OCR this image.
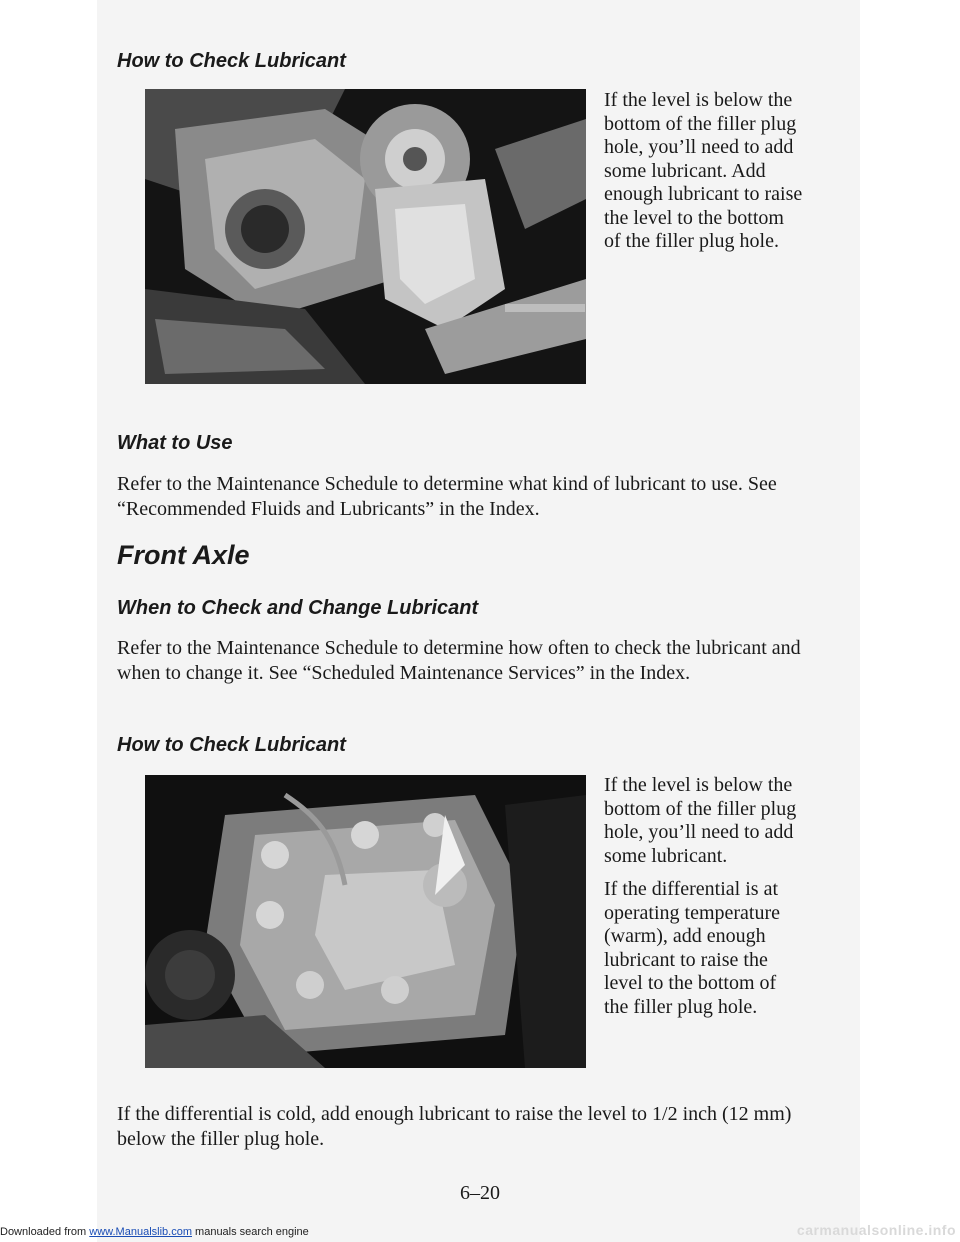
How to Check Lubricant

If the level is below the bottom of the filler plug hole, you’ll need to add some lubricant. Add enough lubricant to raise the level to the bottom of the filler plug hole.

What to Use

Refer to the Maintenance Schedule to determine what kind of lubricant to use. See “Recommended Fluids and Lubricants” in the Index.

Front Axle
When to Check and Change Lubricant

Refer to the Maintenance Schedule to determine how often to check the lubricant and when to change it. See “Scheduled Maintenance Services” in the Index.

How to Check Lubricant

If the level is below the bottom of the filler plug hole, you’ll need to add some lubricant.

If the differential is at operating temperature (warm), add enough lubricant to raise the level to the bottom of the filler plug hole.

If the differential is cold, add enough lubricant to raise the level to 1/2 inch (12 mm) below the filler plug hole.

6–20
Downloaded from www.Manualslib.com manuals search engine	carmanualsonline.info
